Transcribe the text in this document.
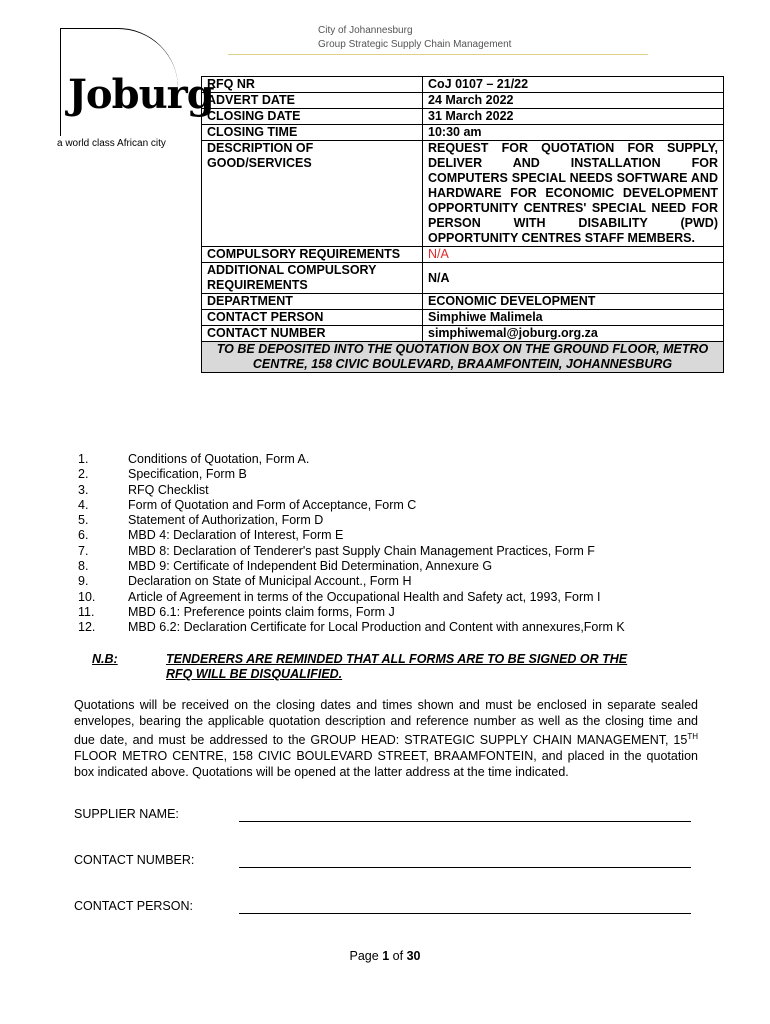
City of Johannesburg
Group Strategic Supply Chain Management
Joburg
a world class African city
RFQ NR	CoJ 0107 – 21/22
ADVERT DATE	24 March 2022
CLOSING DATE	31 March 2022
CLOSING TIME	10:30 am
DESCRIPTION OF GOOD/SERVICES	REQUEST FOR QUOTATION FOR SUPPLY, DELIVER AND INSTALLATION FOR COMPUTERS SPECIAL NEEDS SOFTWARE AND HARDWARE FOR ECONOMIC DEVELOPMENT OPPORTUNITY CENTRES' SPECIAL NEED FOR PERSON WITH DISABILITY (PWD) OPPORTUNITY CENTRES STAFF MEMBERS.
COMPULSORY REQUIREMENTS	N/A
ADDITIONAL COMPULSORY REQUIREMENTS	N/A
DEPARTMENT	ECONOMIC DEVELOPMENT
CONTACT PERSON	Simphiwe Malimela
CONTACT NUMBER	simphiwemal@joburg.org.za
TO BE DEPOSITED INTO THE QUOTATION BOX ON THE GROUND FLOOR, METRO CENTRE, 158 CIVIC BOULEVARD, BRAAMFONTEIN, JOHANNESBURG	
1.	Conditions of Quotation, Form A.
2.	Specification, Form B
3.	RFQ Checklist
4.	Form of Quotation and Form of Acceptance, Form C
5.	Statement of Authorization, Form D
6.	MBD 4: Declaration of Interest, Form E
7.	MBD 8: Declaration of Tenderer's past Supply Chain Management Practices, Form F
8.	MBD 9: Certificate of Independent Bid Determination, Annexure G
9.	Declaration on State of Municipal Account., Form H
10.	Article of Agreement in terms of the Occupational Health and Safety act, 1993, Form I
11.	MBD 6.1: Preference points claim forms, Form J
12.	MBD 6.2: Declaration Certificate for Local Production and Content with annexures,Form K
N.B:	TENDERERS ARE REMINDED THAT ALL FORMS ARE TO BE SIGNED OR THE RFQ WILL BE DISQUALIFIED.
Quotations will be received on the closing dates and times shown and must be enclosed in separate sealed envelopes, bearing the applicable quotation description and reference number as well as the closing time and due date, and must be addressed to the GROUP HEAD: STRATEGIC SUPPLY CHAIN MANAGEMENT, 15TH FLOOR METRO CENTRE, 158 CIVIC BOULEVARD STREET, BRAAMFONTEIN, and placed in the quotation box indicated above. Quotations will be opened at the latter address at the time indicated.
SUPPLIER NAME:
CONTACT NUMBER:
CONTACT PERSON:
Page 1 of 30
